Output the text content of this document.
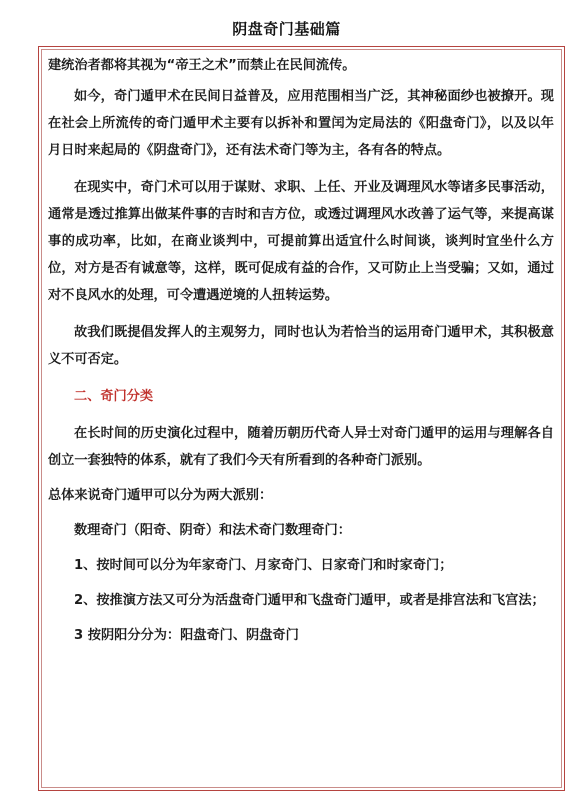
阴盘奇门基础篇

建统治者都将其视为“帝王之术”而禁止在民间流传。

如今，奇门遁甲术在民间日益普及，应用范围相当广泛，其神秘面纱也被撩开。现在社会上所流传的奇门遁甲术主要有以拆补和置闰为定局法的《阳盘奇门》，以及以年月日时来起局的《阴盘奇门》，还有法术奇门等为主，各有各的特点。

在现实中，奇门术可以用于谋财、求职、上任、开业及调理风水等诸多民事活动，通常是透过推算出做某件事的吉时和吉方位，或透过调理风水改善了运气等，来提高谋事的成功率，比如，在商业谈判中，可提前算出适宜什么时间谈，谈判时宜坐什么方位，对方是否有诚意等，这样，既可促成有益的合作，又可防止上当受骗；又如，通过对不良风水的处理，可令遭遇逆境的人扭转运势。

故我们既提倡发挥人的主观努力，同时也认为若恰当的运用奇门遁甲术，其积极意义不可否定。

二、奇门分类

在长时间的历史演化过程中，随着历朝历代奇人异士对奇门遁甲的运用与理解各自创立一套独特的体系，就有了我们今天有所看到的各种奇门派别。

总体来说奇门遁甲可以分为两大派别：

数理奇门（阳奇、阴奇）和法术奇门数理奇门：

1、按时间可以分为年家奇门、月家奇门、日家奇门和时家奇门；

2、按推演方法又可分为活盘奇门遁甲和飞盘奇门遁甲，或者是排宫法和飞宫法；

3 按阴阳分分为：阳盘奇门、阴盘奇门
